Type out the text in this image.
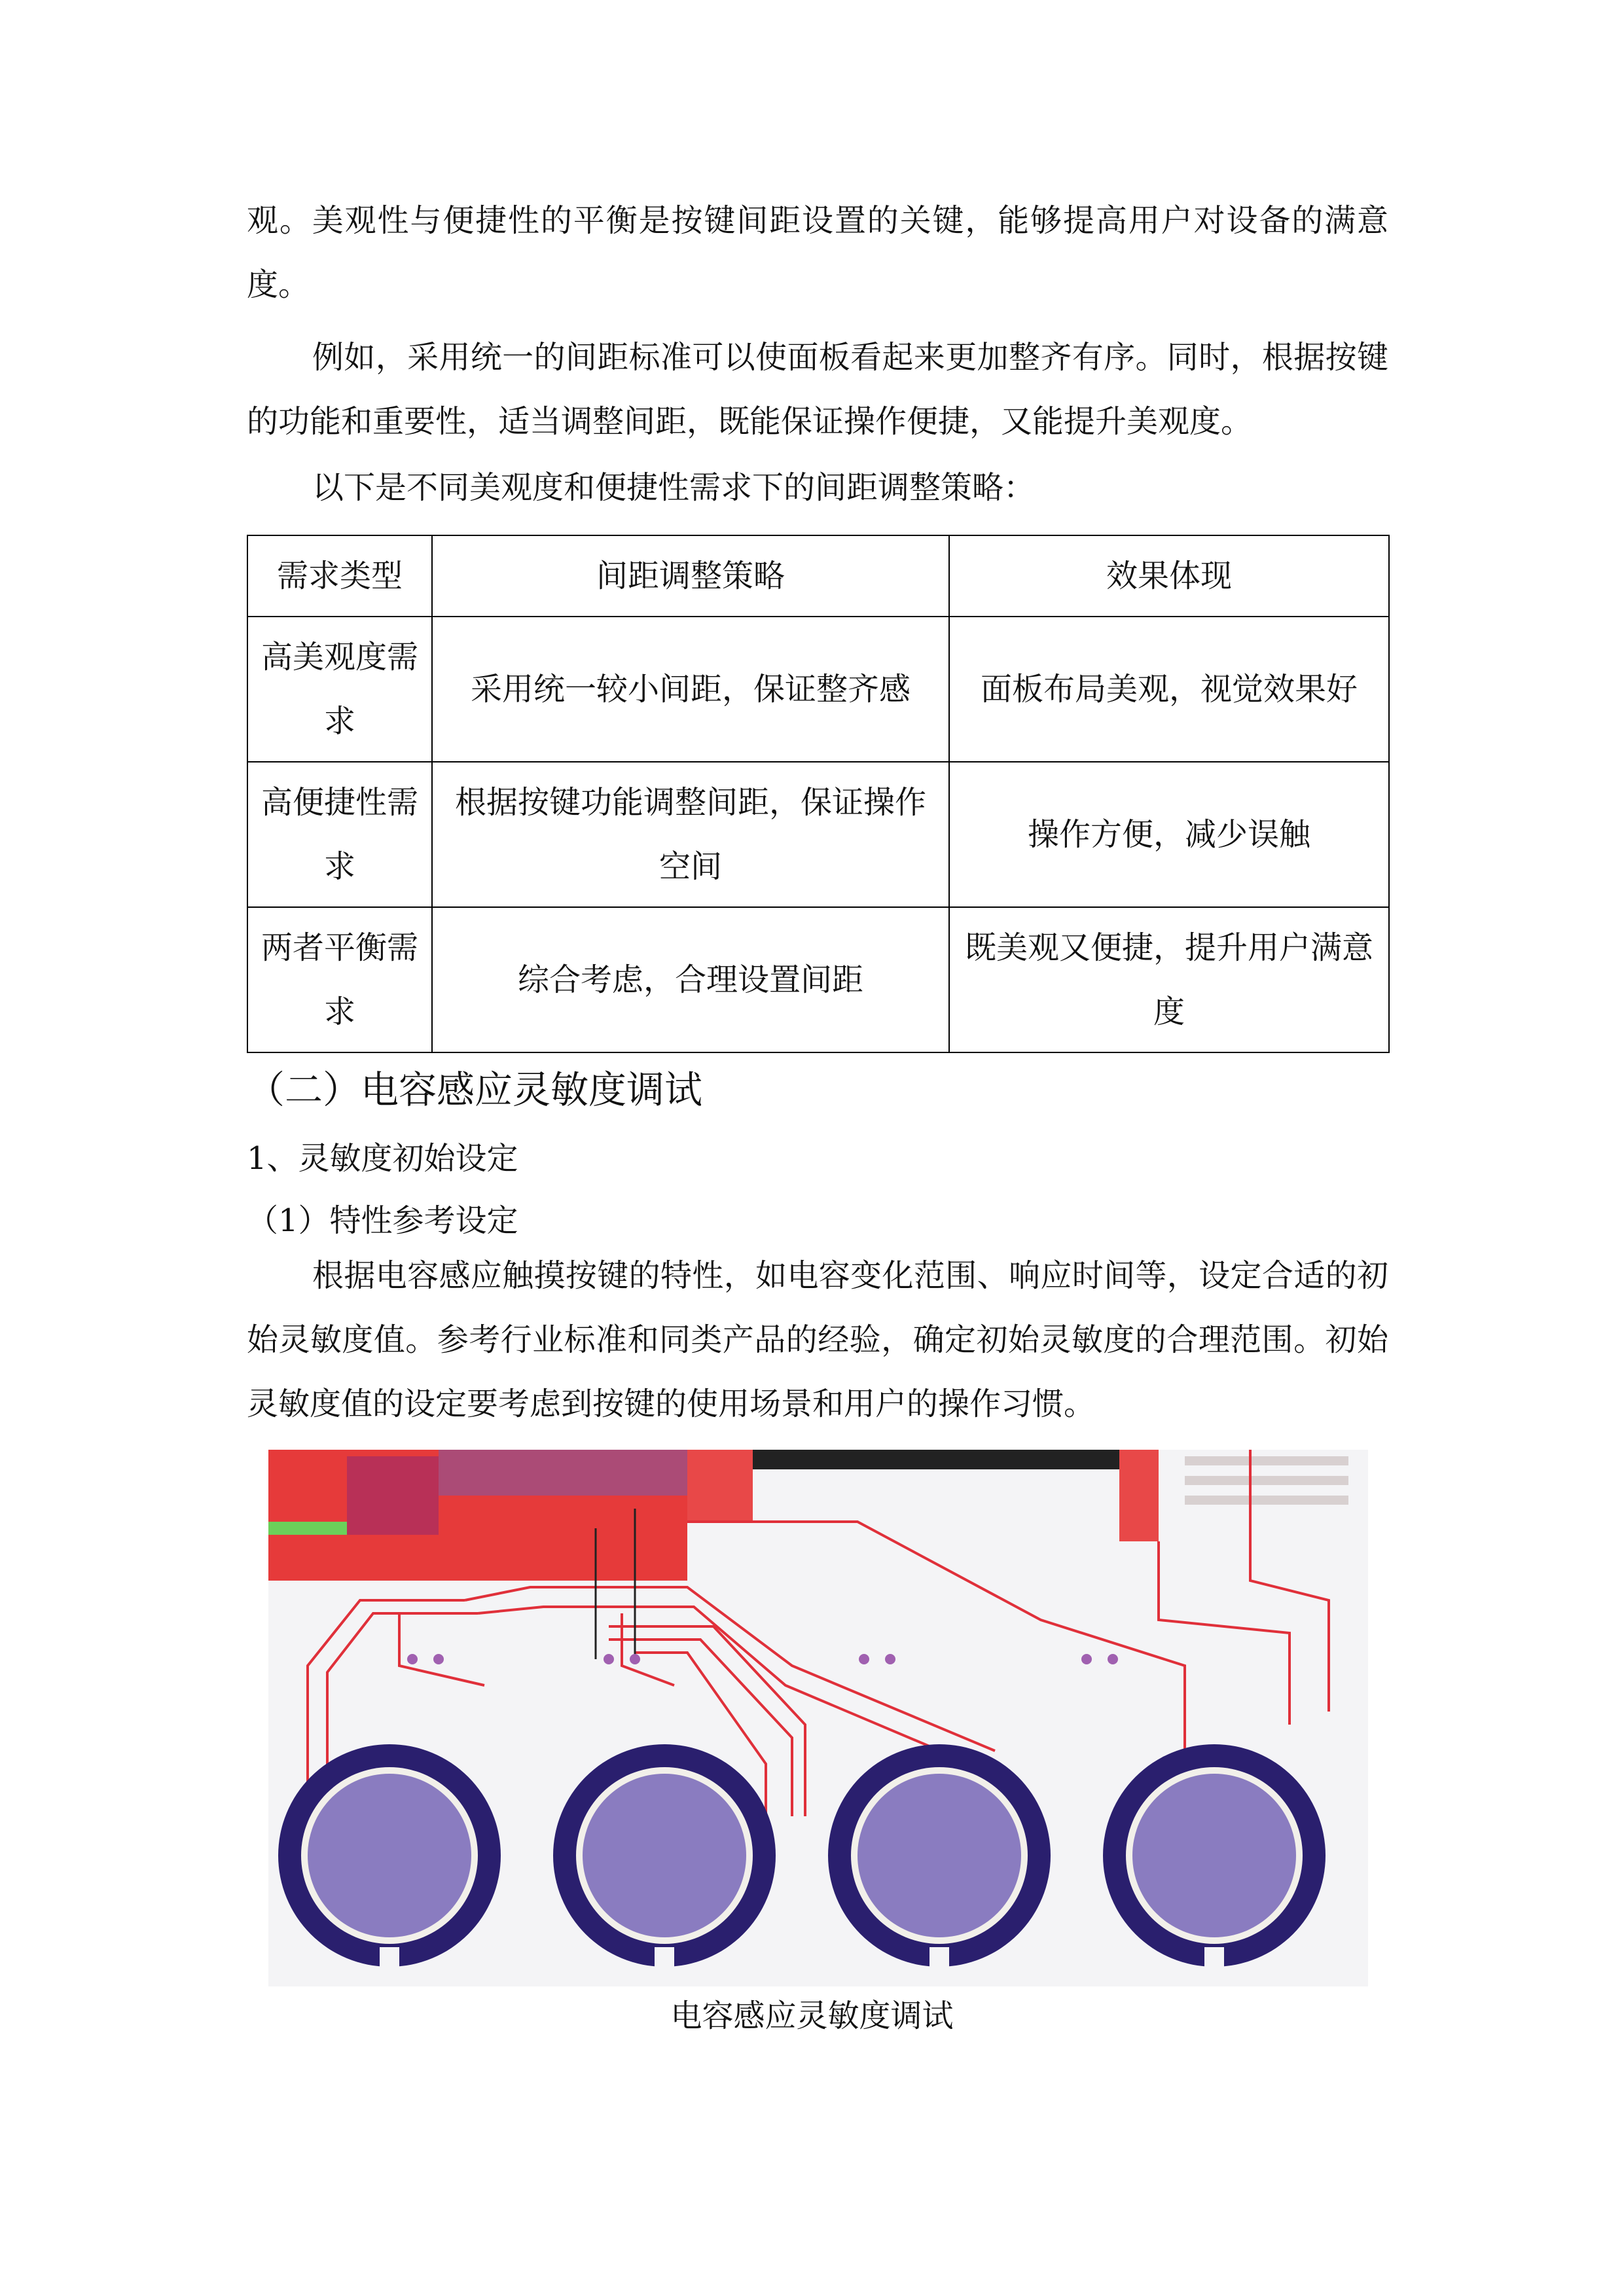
观。美观性与便捷性的平衡是按键间距设置的关键，能够提高用户对设备的满意度。

例如，采用统一的间距标准可以使面板看起来更加整齐有序。同时，根据按键的功能和重要性，适当调整间距，既能保证操作便捷，又能提升美观度。

以下是不同美观度和便捷性需求下的间距调整策略：

需求类型	间距调整策略	效果体现
高美观度需求	采用统一较小间距，保证整齐感	面板布局美观，视觉效果好
高便捷性需求	根据按键功能调整间距，保证操作空间	操作方便，减少误触
两者平衡需求	综合考虑，合理设置间距	既美观又便捷，提升用户满意度
（二）电容感应灵敏度调试
1、灵敏度初始设定
（1）特性参考设定

根据电容感应触摸按键的特性，如电容变化范围、响应时间等，设定合适的初始灵敏度值。参考行业标准和同类产品的经验，确定初始灵敏度的合理范围。初始灵敏度值的设定要考虑到按键的使用场景和用户的操作习惯。

电容感应灵敏度调试
